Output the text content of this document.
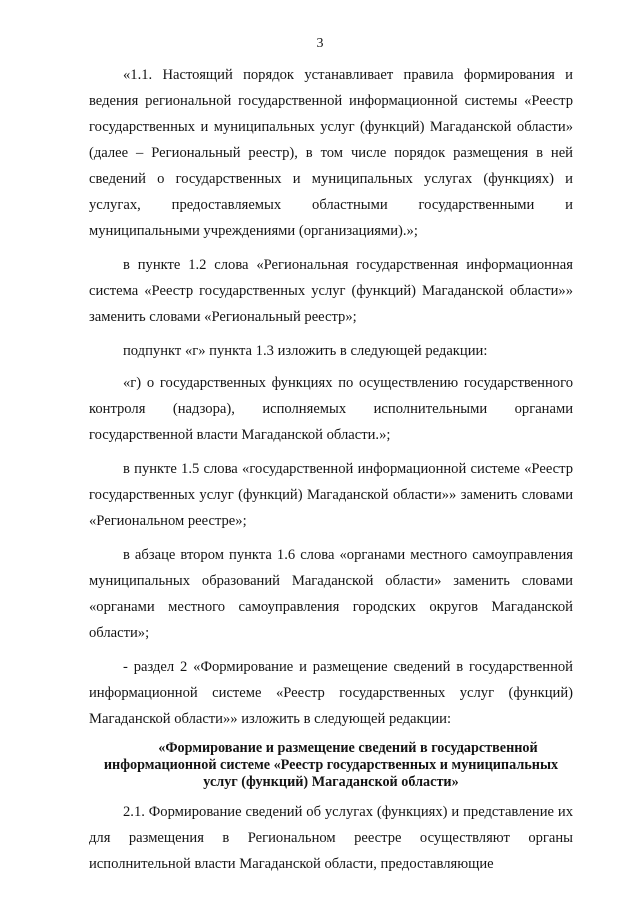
3

«1.1. Настоящий порядок устанавливает правила формирования и ведения региональной государственной информационной системы «Реестр государственных и муниципальных услуг (функций) Магаданской области» (далее – Региональный реестр), в том числе порядок размещения в ней сведений о государственных и муниципальных услугах (функциях) и услугах, предоставляемых областными государственными и муниципальными учреждениями (организациями).»;

в пункте 1.2 слова «Региональная государственная информационная система «Реестр государственных услуг (функций) Магаданской области»» заменить словами «Региональный реестр»;

подпункт «г» пункта 1.3 изложить в следующей редакции:

«г) о государственных функциях по осуществлению государственного контроля (надзора), исполняемых исполнительными органами государственной власти Магаданской области.»;

в пункте 1.5 слова «государственной информационной системе «Реестр государственных услуг (функций) Магаданской области»» заменить словами «Региональном реестре»;

в абзаце втором пункта 1.6 слова «органами местного самоуправления муниципальных образований Магаданской области» заменить словами «органами местного самоуправления городских округов Магаданской области»;

- раздел 2 «Формирование и размещение сведений в государственной информационной системе «Реестр государственных услуг (функций) Магаданской области»» изложить в следующей редакции:

«Формирование и размещение сведений в государственной информационной системе «Реестр государственных и муниципальных услуг (функций) Магаданской области»

2.1. Формирование сведений об услугах (функциях) и представление их для размещения в Региональном реестре осуществляют органы исполнительной власти Магаданской области, предоставляющие
